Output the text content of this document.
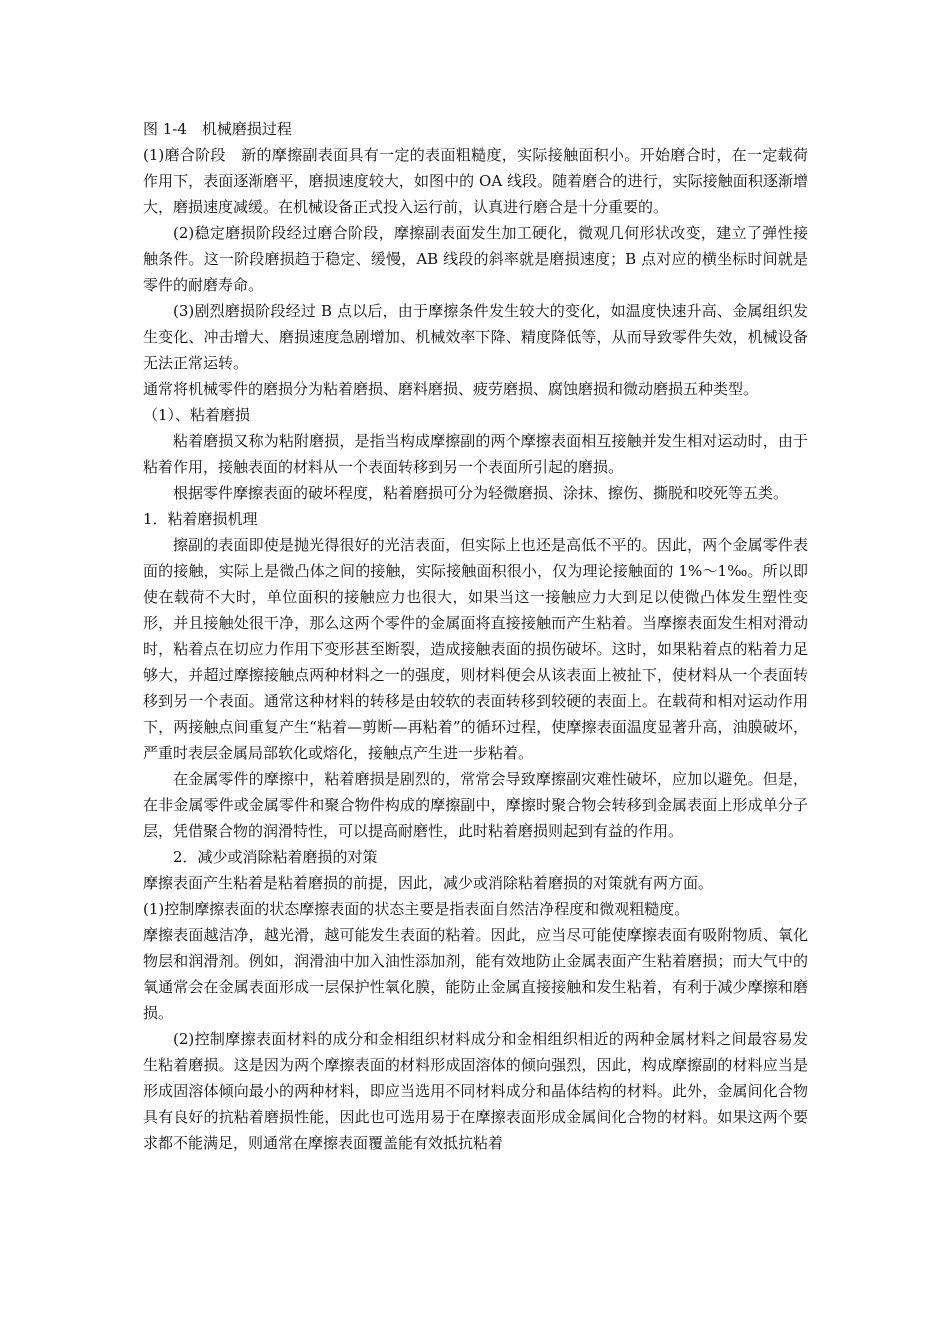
图 1-4　机械磨损过程

(1)磨合阶段　新的摩擦副表面具有一定的表面粗糙度，实际接触面积小。开始磨合时，在一定载荷作用下，表面逐渐磨平，磨损速度较大，如图中的 OA 线段。随着磨合的进行，实际接触面积逐渐增大，磨损速度减缓。在机械设备正式投入运行前，认真进行磨合是十分重要的。

(2)稳定磨损阶段经过磨合阶段，摩擦副表面发生加工硬化，微观几何形状改变，建立了弹性接触条件。这一阶段磨损趋于稳定、缓慢，AB 线段的斜率就是磨损速度；B 点对应的横坐标时间就是零件的耐磨寿命。

(3)剧烈磨损阶段经过 B 点以后，由于摩擦条件发生较大的变化，如温度快速升高、金属组织发生变化、冲击增大、磨损速度急剧增加、机械效率下降、精度降低等，从而导致零件失效，机械设备无法正常运转。

通常将机械零件的磨损分为粘着磨损、磨料磨损、疲劳磨损、腐蚀磨损和微动磨损五种类型。

（1）、粘着磨损

粘着磨损又称为粘附磨损，是指当构成摩擦副的两个摩擦表面相互接触并发生相对运动时，由于粘着作用，接触表面的材料从一个表面转移到另一个表面所引起的磨损。

根据零件摩擦表面的破坏程度，粘着磨损可分为轻微磨损、涂抹、擦伤、撕脱和咬死等五类。

1．粘着磨损机理

擦副的表面即使是抛光得很好的光洁表面，但实际上也还是高低不平的。因此，两个金属零件表面的接触，实际上是微凸体之间的接触，实际接触面积很小，仅为理论接触面的 1%～1‰。所以即使在载荷不大时，单位面积的接触应力也很大，如果当这一接触应力大到足以使微凸体发生塑性变形，并且接触处很干净，那么这两个零件的金属面将直接接触而产生粘着。当摩擦表面发生相对滑动时，粘着点在切应力作用下变形甚至断裂，造成接触表面的损伤破坏。这时，如果粘着点的粘着力足够大，并超过摩擦接触点两种材料之一的强度，则材料便会从该表面上被扯下，使材料从一个表面转移到另一个表面。通常这种材料的转移是由较软的表面转移到较硬的表面上。在载荷和相对运动作用下，两接触点间重复产生“粘着—剪断—再粘着”的循环过程，使摩擦表面温度显著升高，油膜破坏，严重时表层金属局部软化或熔化，接触点产生进一步粘着。

在金属零件的摩擦中，粘着磨损是剧烈的，常常会导致摩擦副灾难性破坏，应加以避免。但是，在非金属零件或金属零件和聚合物件构成的摩擦副中，摩擦时聚合物会转移到金属表面上形成单分子层，凭借聚合物的润滑特性，可以提高耐磨性，此时粘着磨损则起到有益的作用。

2．减少或消除粘着磨损的对策

摩擦表面产生粘着是粘着磨损的前提，因此，减少或消除粘着磨损的对策就有两方面。

(1)控制摩擦表面的状态摩擦表面的状态主要是指表面自然洁净程度和微观粗糙度。

摩擦表面越洁净，越光滑，越可能发生表面的粘着。因此，应当尽可能使摩擦表面有吸附物质、氧化物层和润滑剂。例如，润滑油中加入油性添加剂，能有效地防止金属表面产生粘着磨损；而大气中的氧通常会在金属表面形成一层保护性氧化膜，能防止金属直接接触和发生粘着，有利于减少摩擦和磨损。

(2)控制摩擦表面材料的成分和金相组织材料成分和金相组织相近的两种金属材料之间最容易发生粘着磨损。这是因为两个摩擦表面的材料形成固溶体的倾向强烈，因此，构成摩擦副的材料应当是形成固溶体倾向最小的两种材料，即应当选用不同材料成分和晶体结构的材料。此外，金属间化合物具有良好的抗粘着磨损性能，因此也可选用易于在摩擦表面形成金属间化合物的材料。如果这两个要求都不能满足，则通常在摩擦表面覆盖能有效抵抗粘着
